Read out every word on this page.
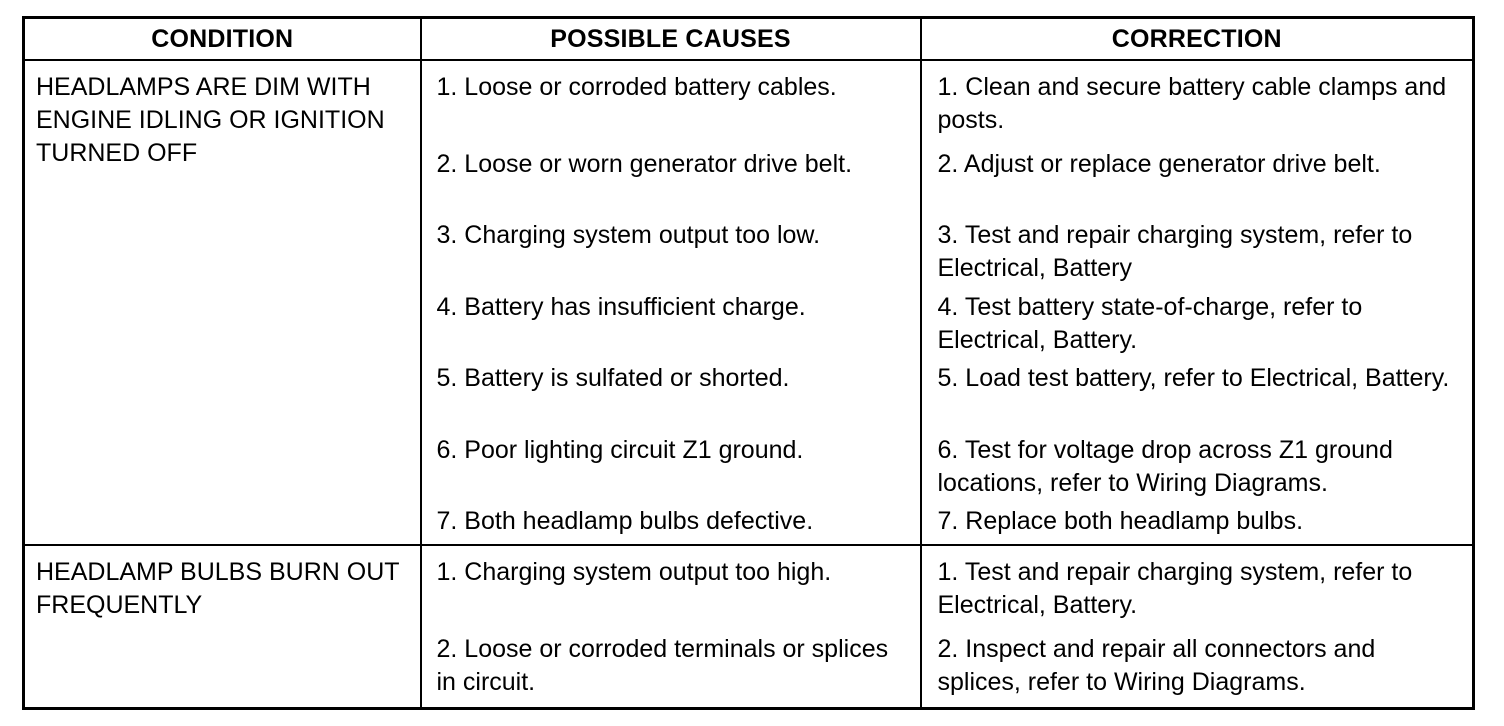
CONDITION	POSSIBLE CAUSES	CORRECTION
HEADLAMPS ARE DIM WITH ENGINE IDLING OR IGNITION TURNED OFF	1. Loose or corroded battery cables.	1. Clean and secure battery cable clamps and posts.
	2. Loose or worn generator drive belt.	2. Adjust or replace generator drive belt.
	3. Charging system output too low.	3. Test and repair charging system, refer to Electrical, Battery
	4. Battery has insufficient charge.	4. Test battery state-of-charge, refer to Electrical, Battery.
	5. Battery is sulfated or shorted.	5. Load test battery, refer to Electrical, Battery.
	6. Poor lighting circuit Z1 ground.	6. Test for voltage drop across Z1 ground locations, refer to Wiring Diagrams.
	7. Both headlamp bulbs defective.	7. Replace both headlamp bulbs.
HEADLAMP BULBS BURN OUT FREQUENTLY	1. Charging system output too high.	1. Test and repair charging system, refer to Electrical, Battery.
	2. Loose or corroded terminals or splices in circuit.	2. Inspect and repair all connectors and splices, refer to Wiring Diagrams.
